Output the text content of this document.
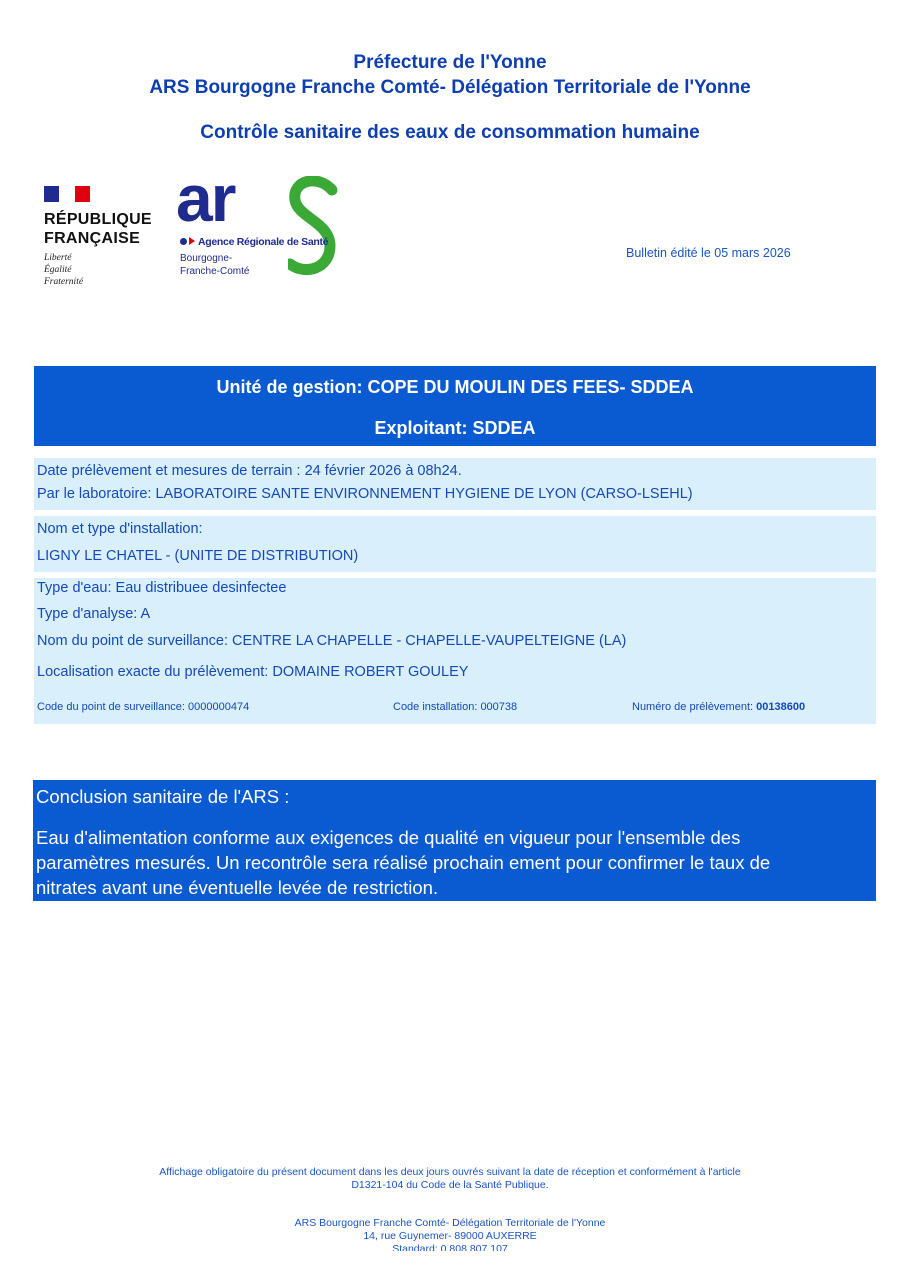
Préfecture de l'Yonne
ARS Bourgogne Franche Comté- Délégation Territoriale de l'Yonne
Contrôle sanitaire des eaux de consommation humaine
RÉPUBLIQUE
FRANÇAISE
Liberté
Égalité
Fraternité
ar
Agence Régionale de Santé
Bourgogne-
Franche-Comté
Bulletin édité le 05 mars 2026
Unité de gestion: COPE DU MOULIN DES FEES- SDDEA
Exploitant: SDDEA
Date prélèvement et mesures de terrain : 24 février 2026 à 08h24.
Par le laboratoire: LABORATOIRE SANTE ENVIRONNEMENT HYGIENE DE LYON (CARSO-LSEHL)
Nom et type d'installation:
LIGNY LE CHATEL - (UNITE DE DISTRIBUTION)
Type d'eau: Eau distribuee desinfectee
Type d'analyse: A
Nom du point de surveillance: CENTRE LA CHAPELLE - CHAPELLE-VAUPELTEIGNE (LA)
Localisation exacte du prélèvement: DOMAINE ROBERT GOULEY
Code du point de surveillance: 0000000474	Code installation: 000738	Numéro de prélèvement: 00138600
Conclusion sanitaire de l'ARS :
Eau d'alimentation conforme aux exigences de qualité en vigueur pour l'ensemble des
paramètres mesurés. Un recontrôle sera réalisé prochain ement pour confirmer le taux de
nitrates avant une éventuelle levée de restriction.
Affichage obligatoire du présent document dans les deux jours ouvrés suivant la date de réception et conformément à l'article
D1321-104 du Code de la Santé Publique.
ARS Bourgogne Franche Comté- Délégation Territoriale de l'Yonne
14, rue Guynemer- 89000 AUXERRE
Standard: 0 808 807 107
